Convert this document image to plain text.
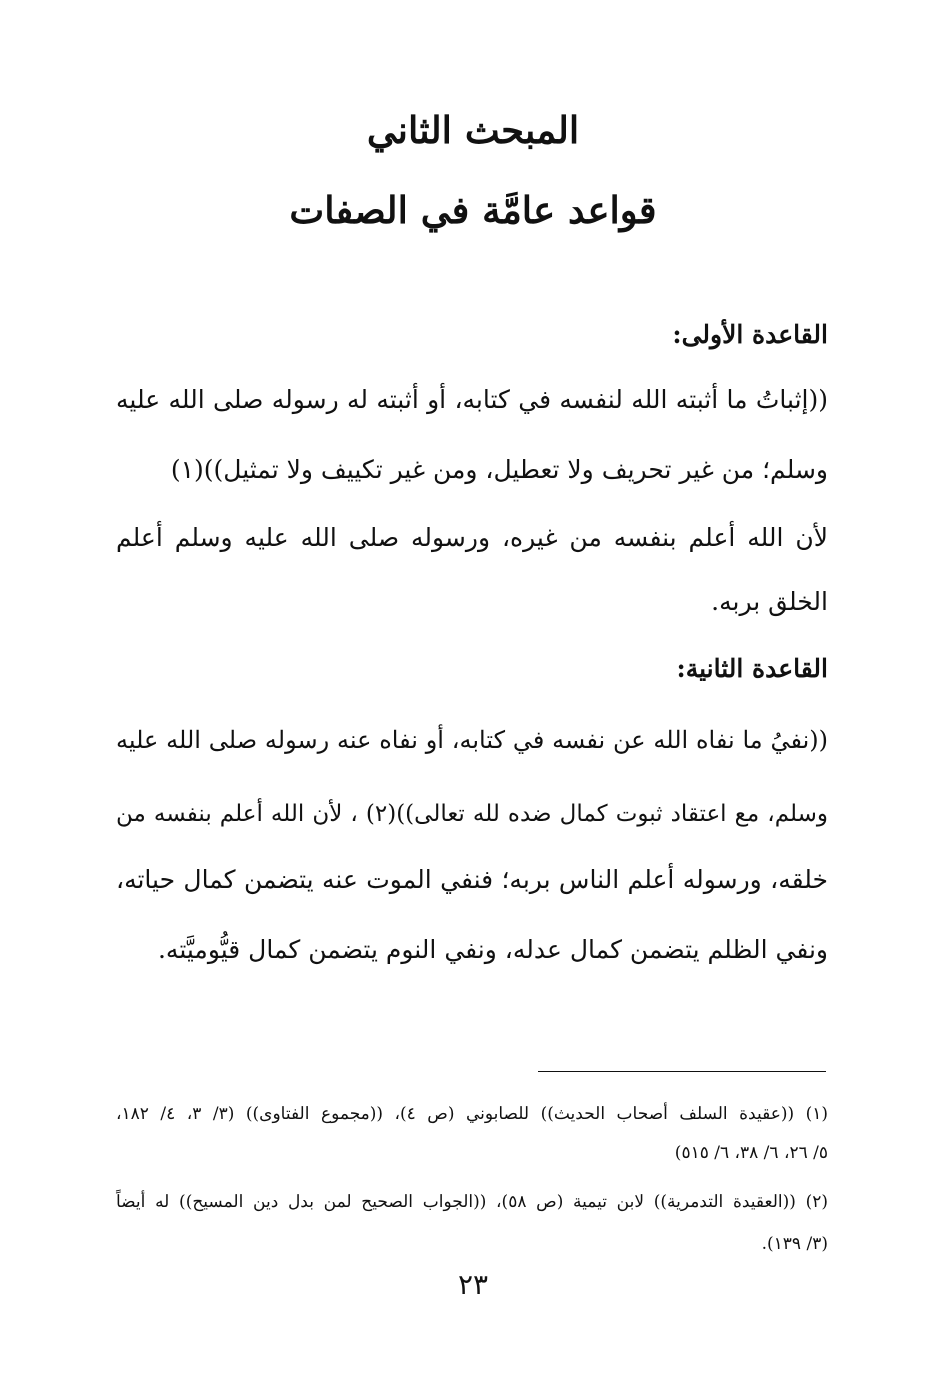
المبحث الثاني
قواعد عامَّة في الصفات
القاعدة الأولى:
((إثباتُ ما أثبته الله لنفسه في كتابه، أو أثبته له رسوله صلى الله عليه
وسلم؛ من غير تحريف ولا تعطيل، ومن غير تكييف ولا تمثيل))(١)
لأن الله أعلم بنفسه من غيره، ورسوله صلى الله عليه وسلم أعلم
الخلق بربه.
القاعدة الثانية:
((نفيُ ما نفاه الله عن نفسه في كتابه، أو نفاه عنه رسوله صلى الله عليه
وسلم، مع اعتقاد ثبوت كمال ضده لله تعالى))(٢) ، لأن الله أعلم بنفسه من
خلقه، ورسوله أعلم الناس بربه؛ فنفي الموت عنه يتضمن كمال حياته،
ونفي الظلم يتضمن كمال عدله، ونفي النوم يتضمن كمال قيُّوميَّته.
(١) ((عقيدة السلف أصحاب الحديث)) للصابوني (ص ٤)، ((مجموع الفتاوى)) (٣/ ٣، ٤/ ١٨٢،
٥/ ٢٦، ٦/ ٣٨، ٦/ ٥١٥)
(٢) ((العقيدة التدمرية)) لابن تيمية (ص ٥٨)، ((الجواب الصحيح لمن بدل دين المسيح)) له أيضاً
(٣/ ١٣٩).
٢٣
